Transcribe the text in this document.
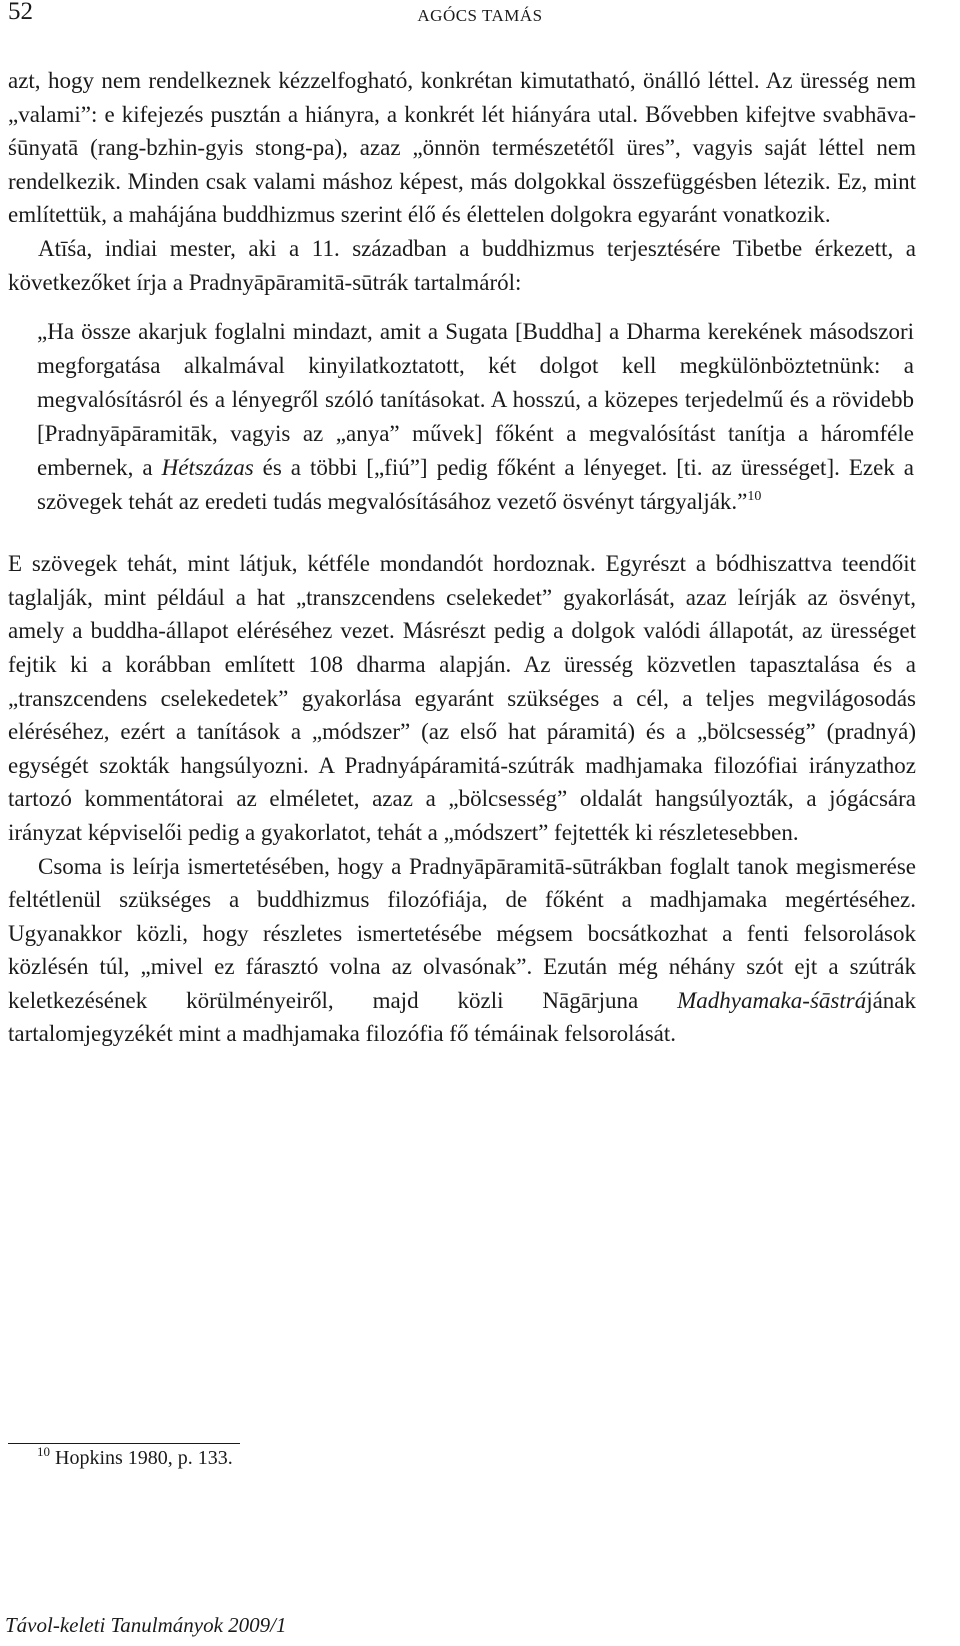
52	AGÓCS TAMÁS

azt, hogy nem rendelkeznek kézzelfogható, konkrétan kimutatható, önálló léttel. Az üresség nem „valami”: e kifejezés pusztán a hiányra, a konkrét lét hiányára utal. Bővebben kifejtve svabhāva-śūnyatā (rang-bzhin-gyis stong-pa), azaz „önnön természetétől üres”, vagyis saját léttel nem rendelkezik. Minden csak valami máshoz képest, más dolgokkal összefüggésben létezik. Ez, mint említettük, a mahájána buddhizmus szerint élő és élettelen dolgokra egyaránt vonatkozik.

Atīśa, indiai mester, aki a 11. században a buddhizmus terjesztésére Tibetbe érkezett, a következőket írja a Pradnyāpāramitā-sūtrák tartalmáról:

„Ha össze akarjuk foglalni mindazt, amit a Sugata [Buddha] a Dharma kerekének másodszori megforgatása alkalmával kinyilatkoztatott, két dolgot kell megkülönböztetnünk: a megvalósításról és a lényegről szóló tanításokat. A hosszú, a közepes terjedelmű és a rövidebb [Pradnyāpāramitāk, vagyis az „anya” művek] főként a megvalósítást tanítja a háromféle embernek, a Hétszázas és a többi [„fiú”] pedig főként a lényeget. [ti. az ürességet]. Ezek a szövegek tehát az eredeti tudás megvalósításához vezető ösvényt tárgyalják.”$^{10}$

E szövegek tehát, mint látjuk, kétféle mondandót hordoznak. Egyrészt a bódhiszattva teendőit taglalják, mint például a hat „transzcendens cselekedet” gyakorlását, azaz leírják az ösvényt, amely a buddha-állapot eléréséhez vezet. Másrészt pedig a dolgok valódi állapotát, az ürességet fejtik ki a korábban említett 108 dharma alapján. Az üresség közvetlen tapasztalása és a „transzcendens cselekedetek” gyakorlása egyaránt szükséges a cél, a teljes megvilágosodás eléréséhez, ezért a tanítások a „módszer” (az első hat páramitá) és a „bölcsesség” (pradnyá) egységét szokták hangsúlyozni. A Pradnyápáramitá-szútrák madhjamaka filozófiai irányzathoz tartozó kommentátorai az elméletet, azaz a „bölcsesség” oldalát hangsúlyozták, a jógácsára irányzat képviselői pedig a gyakorlatot, tehát a „módszert” fejtették ki részletesebben.

Csoma is leírja ismertetésében, hogy a Pradnyāpāramitā-sūtrákban foglalt tanok megismerése feltétlenül szükséges a buddhizmus filozófiája, de főként a madhjamaka megértéséhez. Ugyanakkor közli, hogy részletes ismertetésébe mégsem bocsátkozhat a fenti felsorolások közlésén túl, „mivel ez fárasztó volna az olvasónak”. Ezután még néhány szót ejt a szútrák keletkezésének körülményeiről, majd közli Nāgārjuna Madhyamaka-śāstrájának tartalomjegyzékét mint a madhjamaka filozófia fő témáinak felsorolását.

$^{10}$ Hopkins 1980, p. 133.
Távol-keleti Tanulmányok 2009/1
